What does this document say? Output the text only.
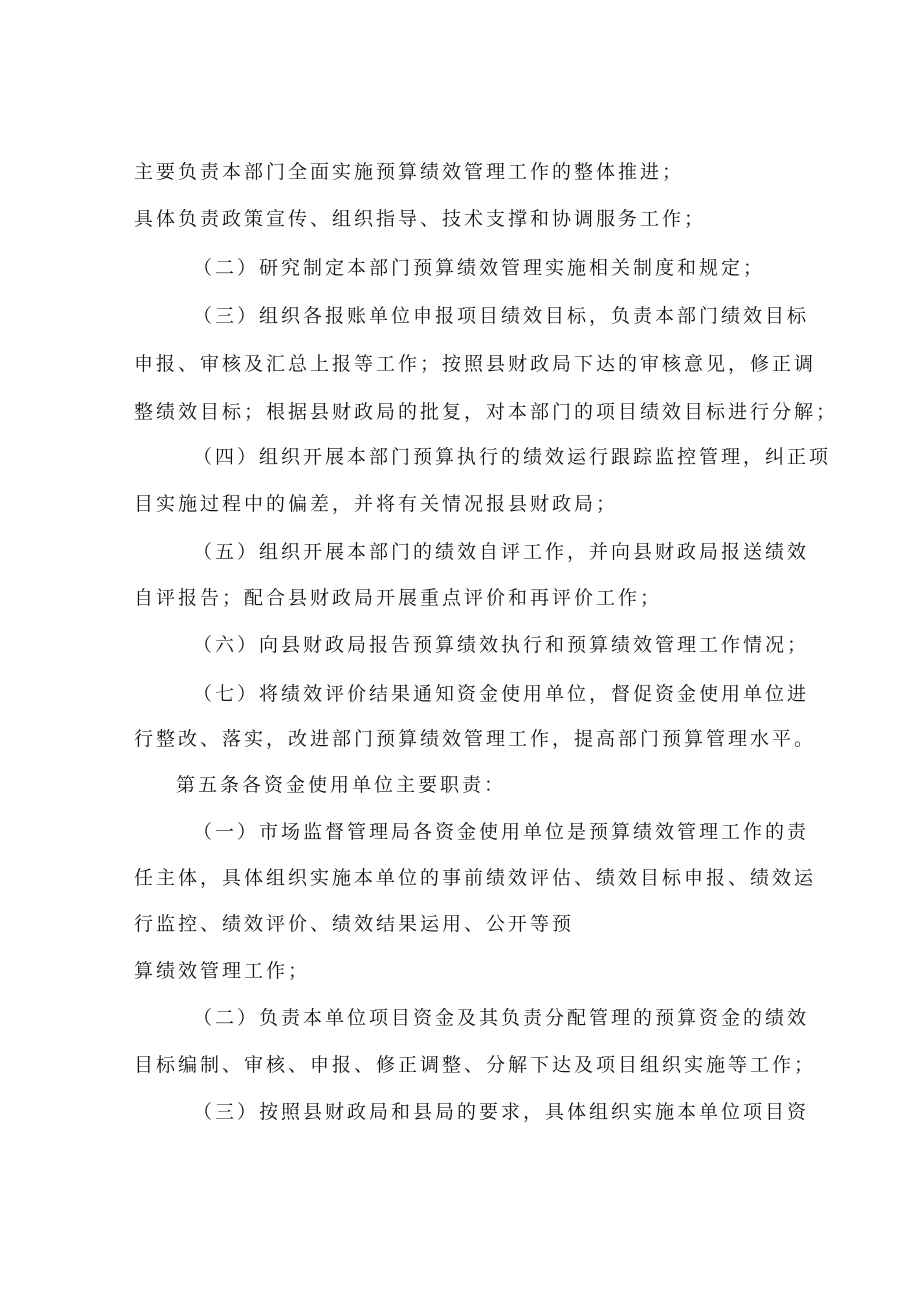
主要负责本部门全面实施预算绩效管理工作的整体推进；
具体负责政策宣传、组织指导、技术支撑和协调服务工作；
（二）研究制定本部门预算绩效管理实施相关制度和规定；
（三）组织各报账单位申报项目绩效目标，负责本部门绩效目标
申报、审核及汇总上报等工作；按照县财政局下达的审核意见，修正调
整绩效目标；根据县财政局的批复，对本部门的项目绩效目标进行分解；
（四）组织开展本部门预算执行的绩效运行跟踪监控管理，纠正项
目实施过程中的偏差，并将有关情况报县财政局；
（五）组织开展本部门的绩效自评工作，并向县财政局报送绩效
自评报告；配合县财政局开展重点评价和再评价工作；
（六）向县财政局报告预算绩效执行和预算绩效管理工作情况；
（七）将绩效评价结果通知资金使用单位，督促资金使用单位进
行整改、落实，改进部门预算绩效管理工作，提高部门预算管理水平。
第五条各资金使用单位主要职责：
（一）市场监督管理局各资金使用单位是预算绩效管理工作的责
任主体，具体组织实施本单位的事前绩效评估、绩效目标申报、绩效运
行监控、绩效评价、绩效结果运用、公开等预
算绩效管理工作；
（二）负责本单位项目资金及其负责分配管理的预算资金的绩效
目标编制、审核、申报、修正调整、分解下达及项目组织实施等工作；
（三）按照县财政局和县局的要求，具体组织实施本单位项目资
